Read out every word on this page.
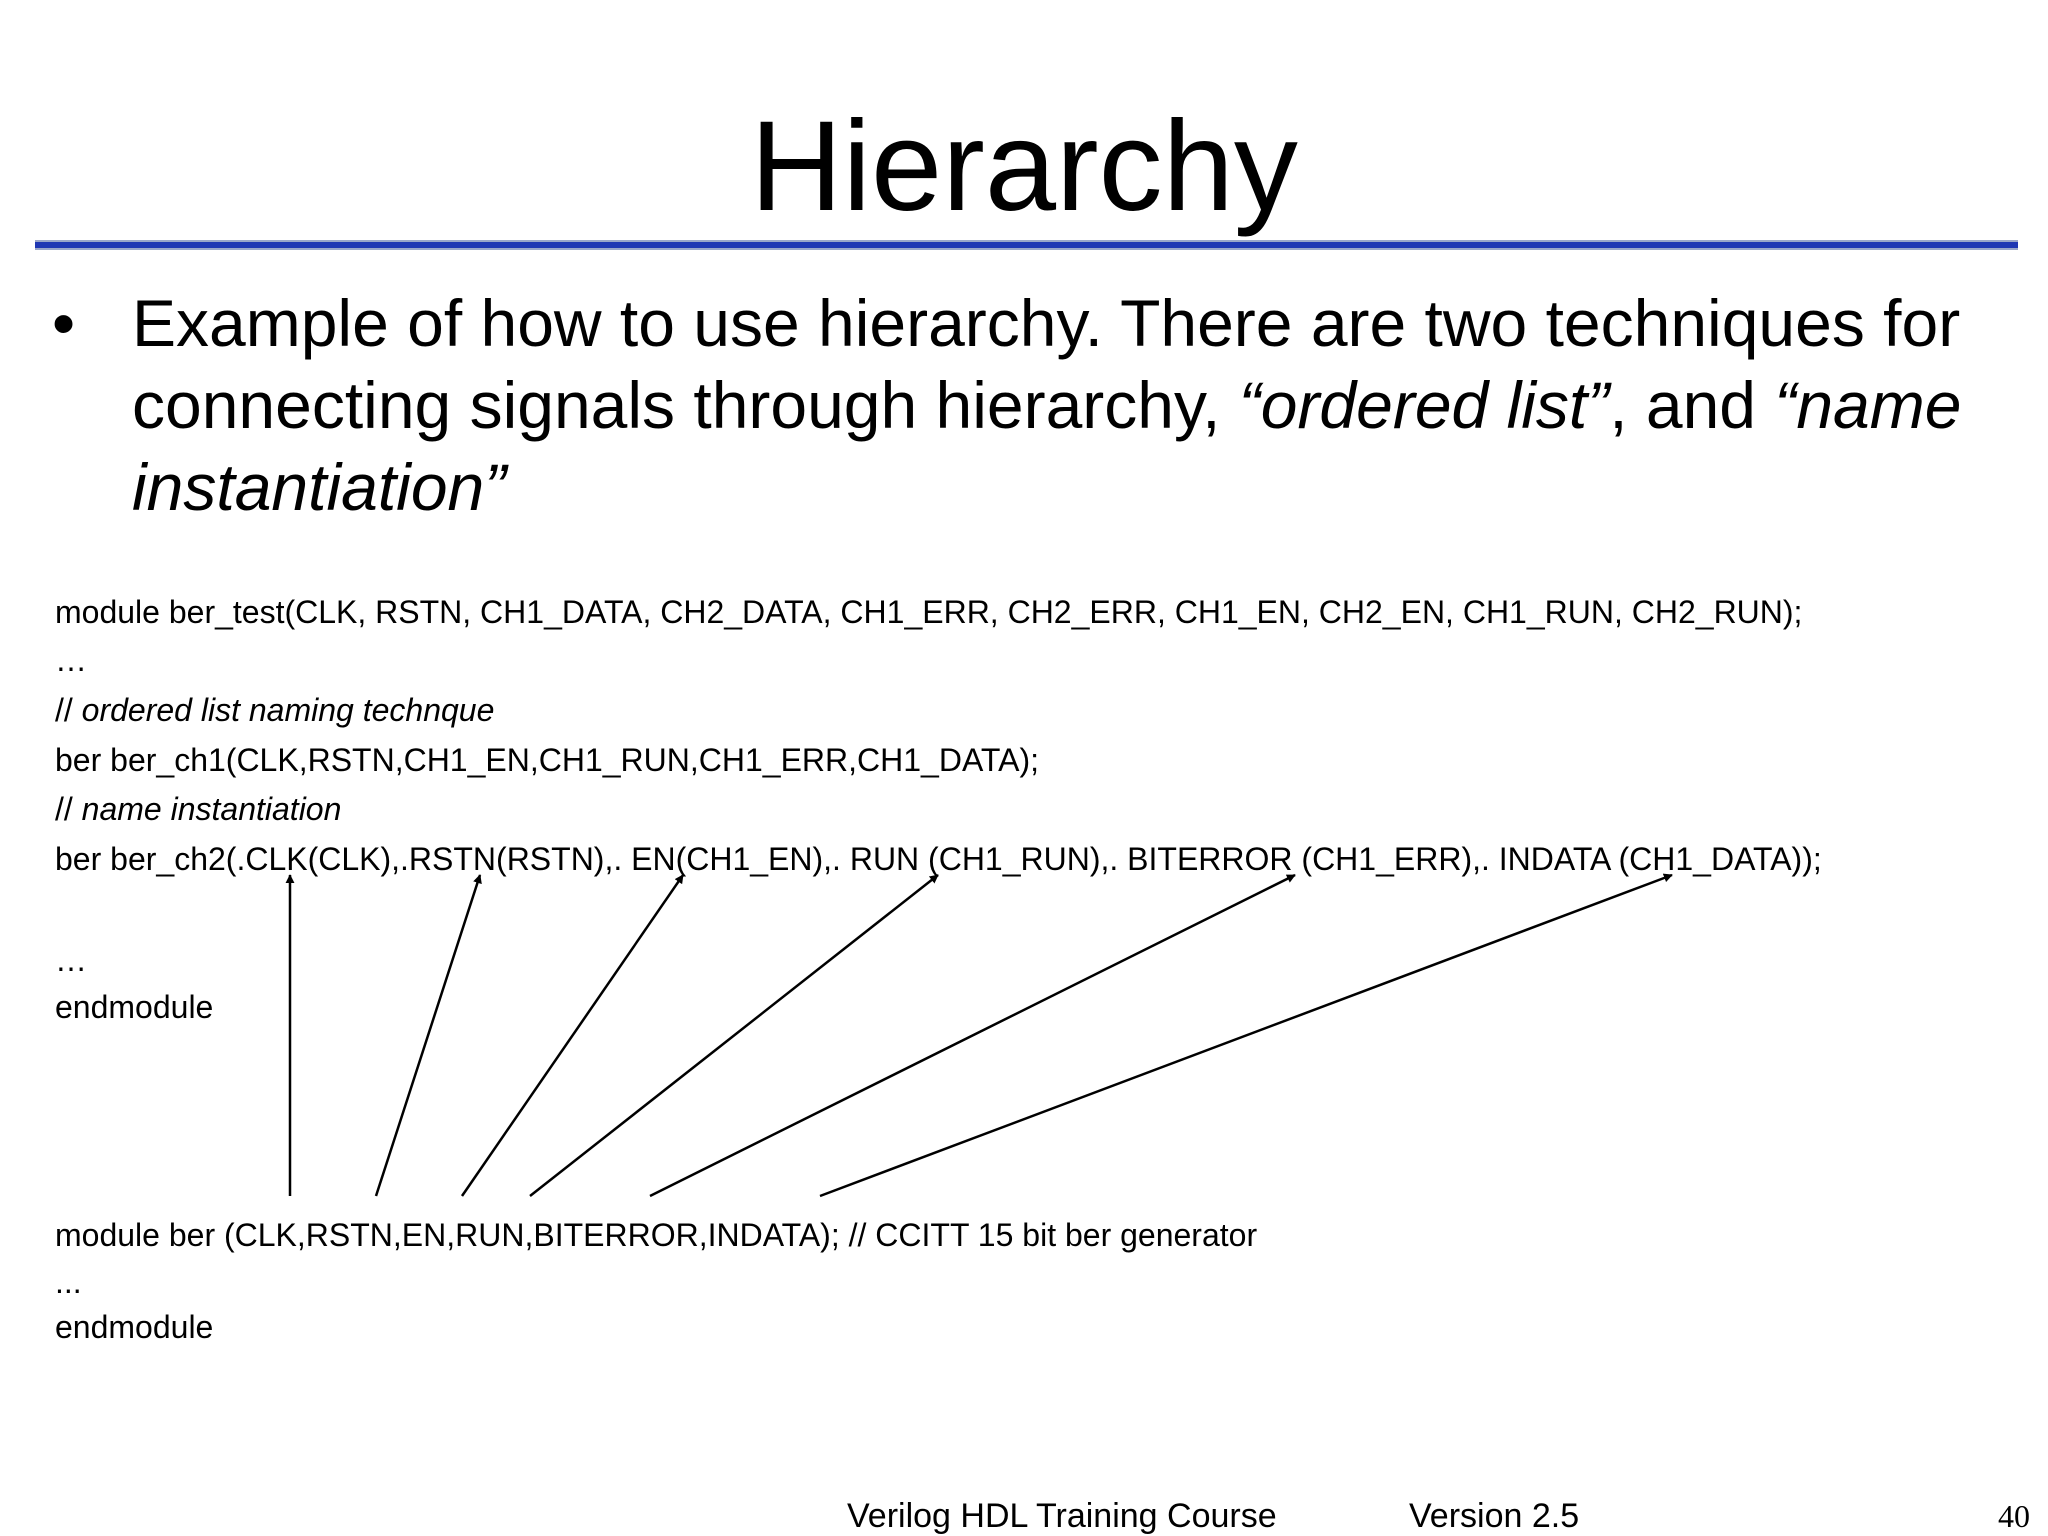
Hierarchy
• Example of how to use hierarchy. There are two techniques for connecting signals through hierarchy, “ordered list”, and “name instantiation”
module ber_test(CLK, RSTN, CH1_DATA, CH2_DATA, CH1_ERR, CH2_ERR, CH1_EN, CH2_EN, CH1_RUN, CH2_RUN);
…
// ordered list naming technque
ber ber_ch1(CLK,RSTN,CH1_EN,CH1_RUN,CH1_ERR,CH1_DATA);
// name instantiation
ber ber_ch2(.CLK(CLK),.RSTN(RSTN),. EN(CH1_EN),. RUN (CH1_RUN),. BITERROR (CH1_ERR),. INDATA (CH1_DATA));
…
endmodule
module ber (CLK,RSTN,EN,RUN,BITERROR,INDATA); // CCITT 15 bit ber generator
...
endmodule
Verilog HDL Training Course	Version 2.5	40
